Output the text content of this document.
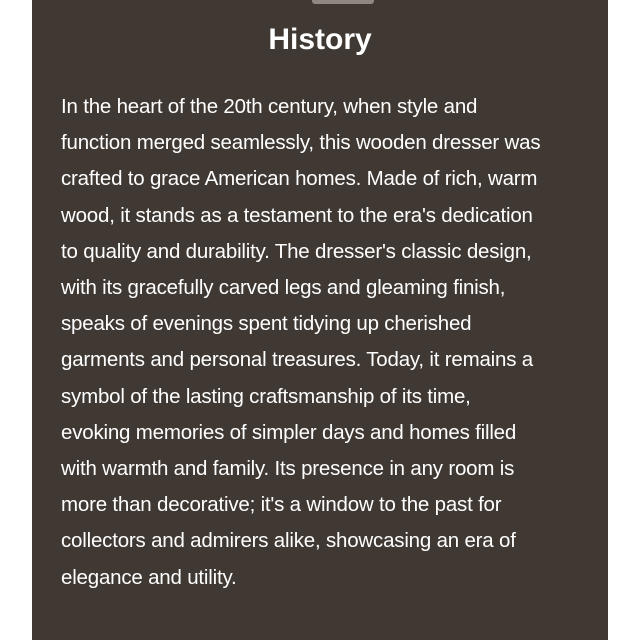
History

In the heart of the 20th century, when style and
function merged seamlessly, this wooden dresser was
crafted to grace American homes. Made of rich, warm
wood, it stands as a testament to the era's dedication
to quality and durability. The dresser's classic design,
with its gracefully carved legs and gleaming finish,
speaks of evenings spent tidying up cherished
garments and personal treasures. Today, it remains a
symbol of the lasting craftsmanship of its time,
evoking memories of simpler days and homes filled
with warmth and family. Its presence in any room is
more than decorative; it's a window to the past for
collectors and admirers alike, showcasing an era of
elegance and utility.
